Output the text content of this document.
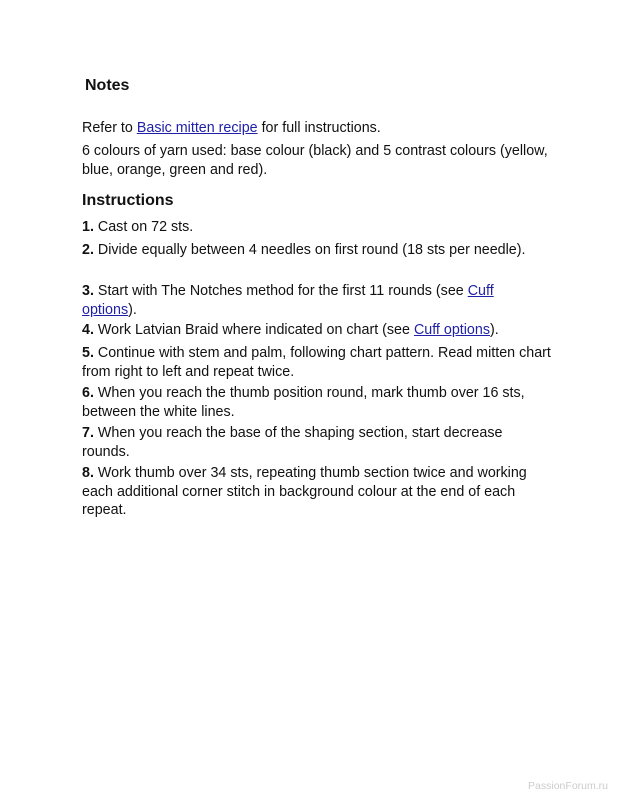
Notes

Refer to Basic mitten recipe for full instructions.

6 colours of yarn used: base colour (black) and 5 contrast colours (yellow, blue, orange, green and red).

Instructions

1. Cast on 72 sts.

2. Divide equally between 4 needles on first round (18 sts per needle).

3. Start with The Notches method for the first 11 rounds (see Cuff options).

4. Work Latvian Braid where indicated on chart (see Cuff options).

5. Continue with stem and palm, following chart pattern. Read mitten chart from right to left and repeat twice.

6. When you reach the thumb position round, mark thumb over 16 sts, between the white lines.

7. When you reach the base of the shaping section, start decrease rounds.

8. Work thumb over 34 sts, repeating thumb section twice and working each additional corner stitch in background colour at the end of each repeat.

PassionForum.ru
